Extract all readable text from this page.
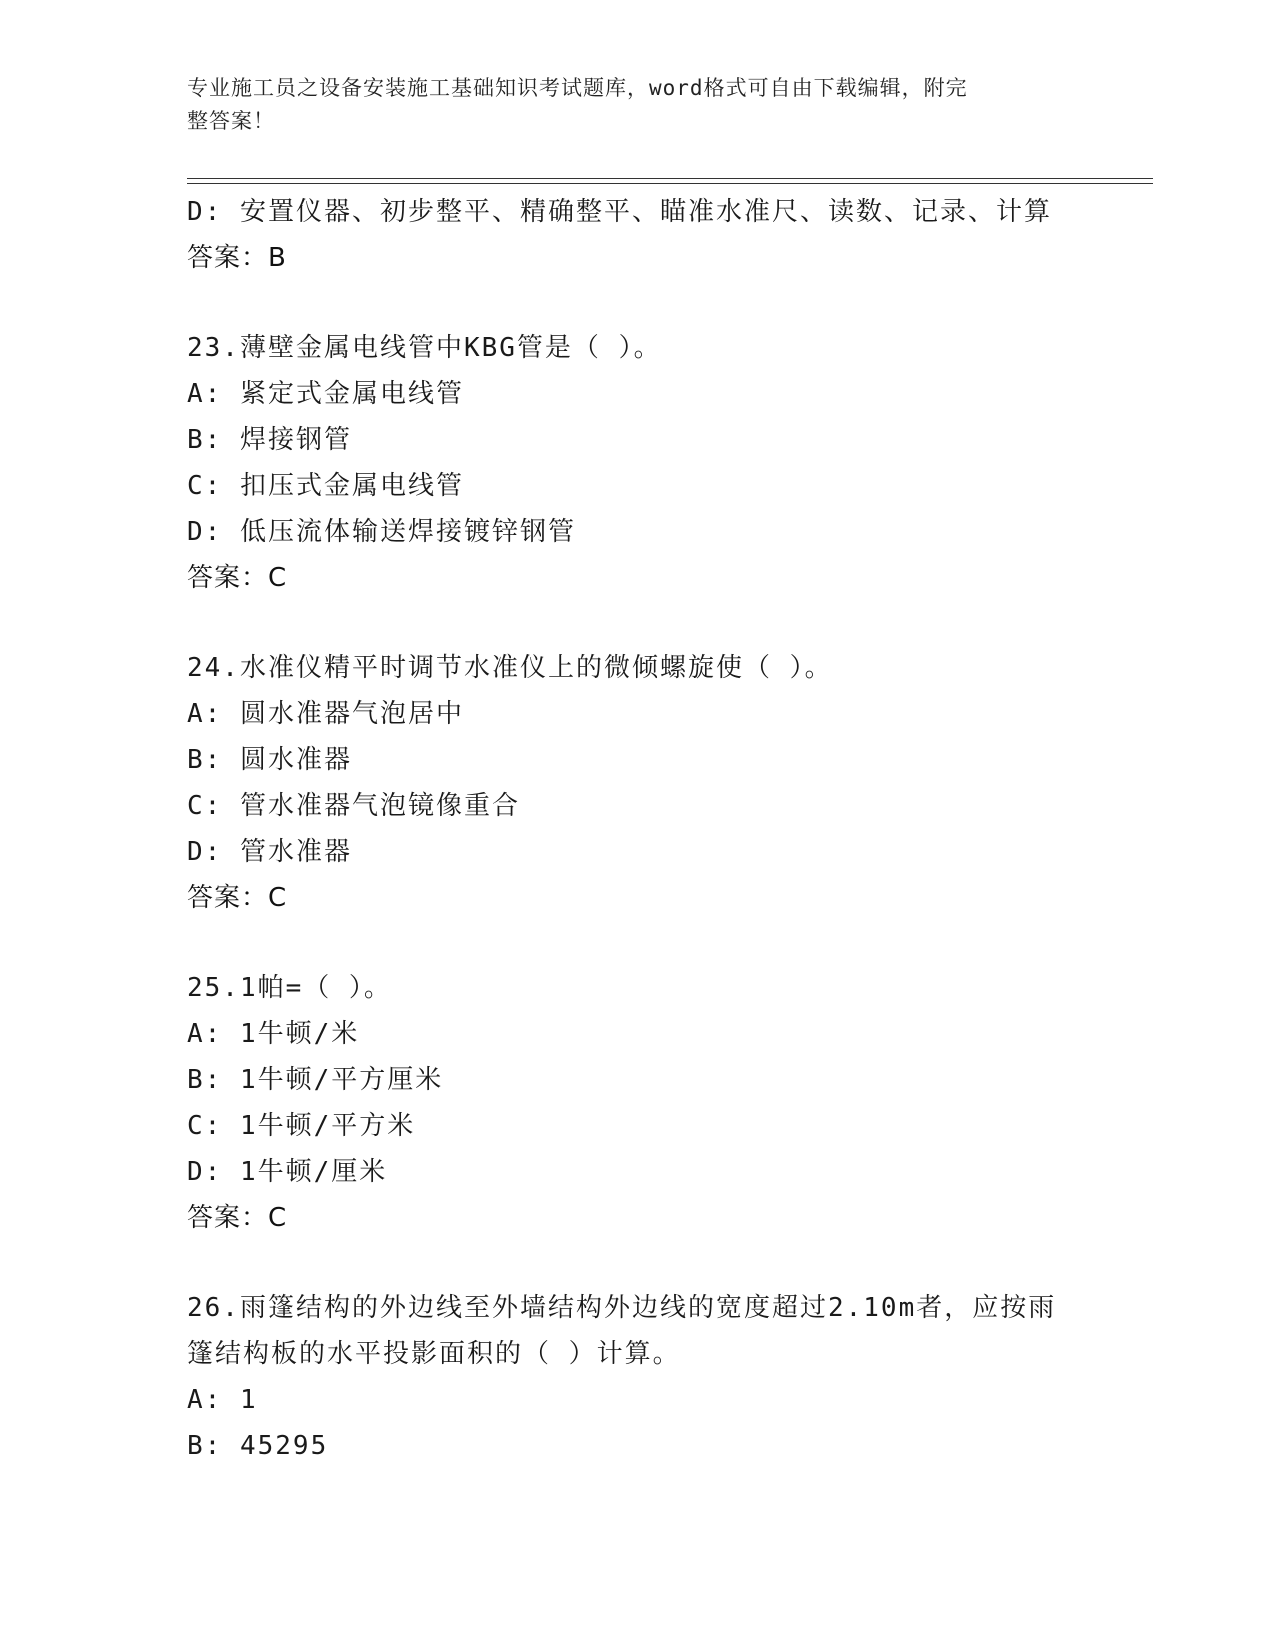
专业施工员之设备安装施工基础知识考试题库，word格式可自由下载编辑，附完
整答案！
D: 安置仪器、初步整平、精确整平、瞄准水准尺、读数、记录、计算
答案：B
23.薄壁金属电线管中KBG管是（ ）。
A: 紧定式金属电线管
B: 焊接钢管
C: 扣压式金属电线管
D: 低压流体输送焊接镀锌钢管
答案：C
24.水准仪精平时调节水准仪上的微倾螺旋使（ ）。
A: 圆水准器气泡居中
B: 圆水准器
C: 管水准器气泡镜像重合
D: 管水准器
答案：C
25.1帕=（ ）。
A: 1牛顿/米
B: 1牛顿/平方厘米
C: 1牛顿/平方米
D: 1牛顿/厘米
答案：C
26.雨篷结构的外边线至外墙结构外边线的宽度超过2.10m者，应按雨
篷结构板的水平投影面积的（ ）计算。
A: 1
B: 45295
